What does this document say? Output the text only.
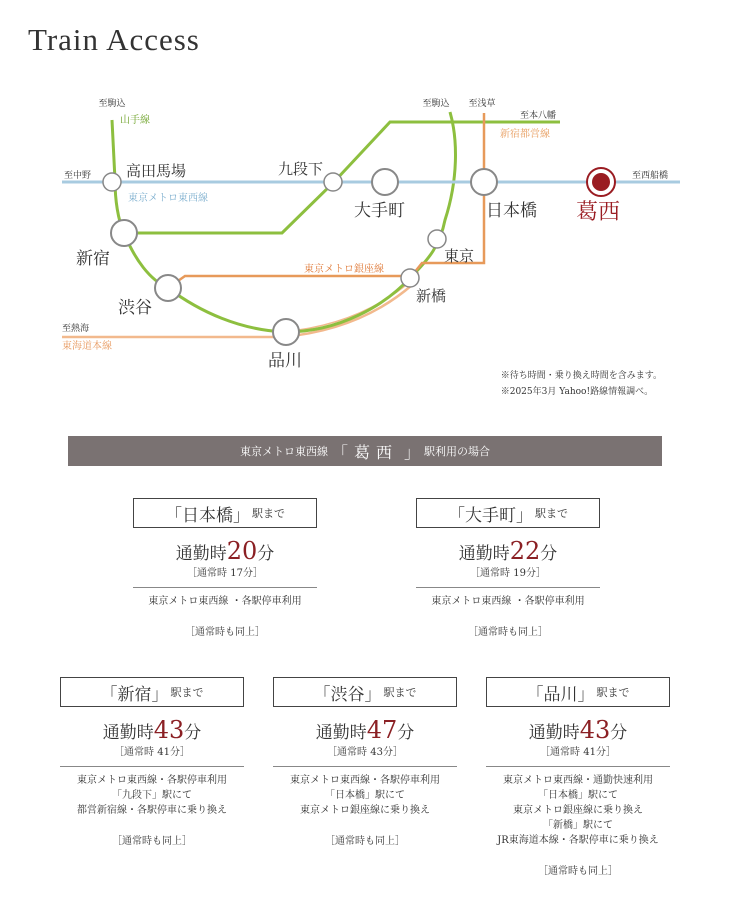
Train Access
至駒込	至駒込 至浅草
至本八幡
至中野	至西船橋
至熱海
山手線
東京メトロ東西線
新宿都営線
東京メトロ銀座線
東海道本線
高田馬場	九段下
大手町	日本橋 葛西
新宿	東京
渋谷
新橋
品川
※待ち時間・乗り換え時間を含みます。
※2025年3月 Yahoo!路線情報調べ。
東京メトロ東西線 「 葛西 」 駅利用の場合
「日本橋」 駅まで
通勤時20分
［通常時 17分］
東京メトロ東西線 ・各駅停車利用
［通常時も同上］
「大手町」 駅まで
通勤時22分
［通常時 19分］
東京メトロ東西線 ・各駅停車利用
［通常時も同上］
「新宿」 駅まで
通勤時43分
［通常時 41分］
東京メトロ東西線・各駅停車利用
「九段下」駅にて
都営新宿線・各駅停車に乗り換え
［通常時も同上］
「渋谷」 駅まで
通勤時47分
［通常時 43分］
東京メトロ東西線・各駅停車利用
「日本橋」駅にて
東京メトロ銀座線に乗り換え
［通常時も同上］
「品川」 駅まで
通勤時43分
［通常時 41分］
東京メトロ東西線・通勤快速利用
「日本橋」駅にて
東京メトロ銀座線に乗り換え
「新橋」駅にて
JR東海道本線・各駅停車に乗り換え
［通常時も同上］
